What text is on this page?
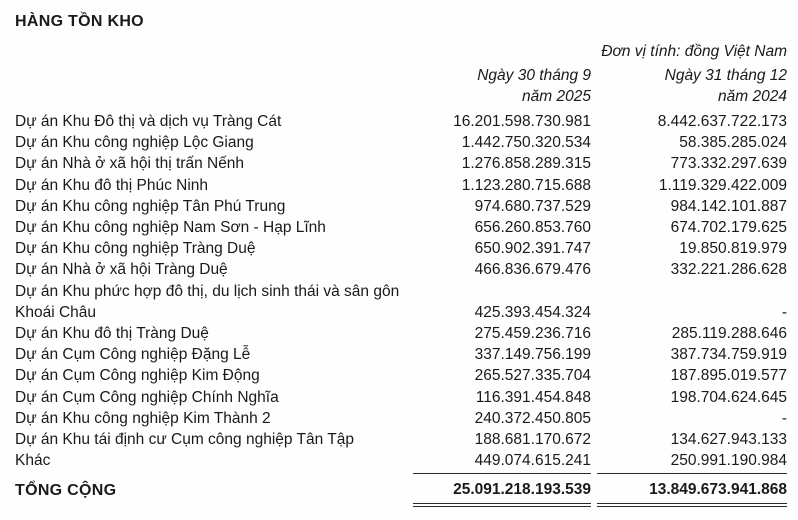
HÀNG TỒN KHO
Đơn vị tính: đồng Việt Nam
Ngày 30 tháng 9
năm 2025
Ngày 31 tháng 12
năm 2024
Dự án Khu Đô thị và dịch vụ Tràng Cát	16.201.598.730.981	8.442.637.722.173
Dự án Khu công nghiệp Lộc Giang	1.442.750.320.534	58.385.285.024
Dự án Nhà ở xã hội thị trấn Nếnh	1.276.858.289.315	773.332.297.639
Dự án Khu đô thị Phúc Ninh	1.123.280.715.688	1.119.329.422.009
Dự án Khu công nghiệp Tân Phú Trung	974.680.737.529	984.142.101.887
Dự án Khu công nghiệp Nam Sơn - Hạp Lĩnh	656.260.853.760	674.702.179.625
Dự án Khu công nghiệp Tràng Duệ	650.902.391.747	19.850.819.979
Dự án Nhà ở xã hội Tràng Duệ	466.836.679.476	332.221.286.628
Dự án Khu phức hợp đô thị, du lịch sinh thái và sân gôn Khoái Châu	425.393.454.324	-
Dự án Khu đô thị Tràng Duệ	275.459.236.716	285.119.288.646
Dự án Cụm Công nghiệp Đặng Lễ	337.149.756.199	387.734.759.919
Dự án Cụm Công nghiệp Kim Động	265.527.335.704	187.895.019.577
Dự án Cụm Công nghiệp Chính Nghĩa	116.391.454.848	198.704.624.645
Dự án Khu công nghiệp Kim Thành 2	240.372.450.805	-
Dự án Khu tái định cư Cụm công nghiệp Tân Tập	188.681.170.672	134.627.943.133
Khác	449.074.615.241	250.991.190.984
TỔNG CỘNG	25.091.218.193.539	13.849.673.941.868
